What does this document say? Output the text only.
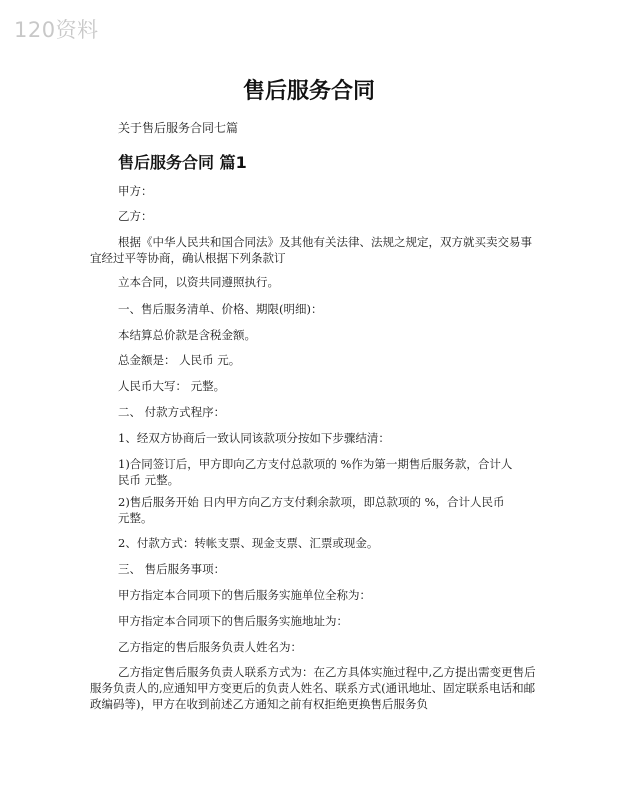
120资料
售后服务合同
关于售后服务合同七篇
售后服务合同 篇1
甲方：
乙方：
根据《中华人民共和国合同法》及其他有关法律、法规之规定，双方就买卖交易事宜经过平等协商，确认根据下列条款订
立本合同，以资共同遵照执行。
一、售后服务清单、价格、期限(明细)：
本结算总价款是含税金额。
总金额是： 人民币 元。
人民币大写： 元整。
二、 付款方式程序：
1、经双方协商后一致认同该款项分按如下步骤结清：
1)合同签订后，甲方即向乙方支付总款项的 %作为第一期售后服务款，合计人民币 元整。
2)售后服务开始 日内甲方向乙方支付剩余款项，即总款项的 %，合计人民币 元整。
2、付款方式：转帐支票、现金支票、汇票或现金。
三、 售后服务事项：
甲方指定本合同项下的售后服务实施单位全称为：
甲方指定本合同项下的售后服务实施地址为：
乙方指定的售后服务负责人姓名为：
乙方指定售后服务负责人联系方式为：在乙方具体实施过程中,乙方提出需变更售后服务负责人的,应通知甲方变更后的负责人姓名、联系方式(通讯地址、固定联系电话和邮政编码等)，甲方在收到前述乙方通知之前有权拒绝更换售后服务负
